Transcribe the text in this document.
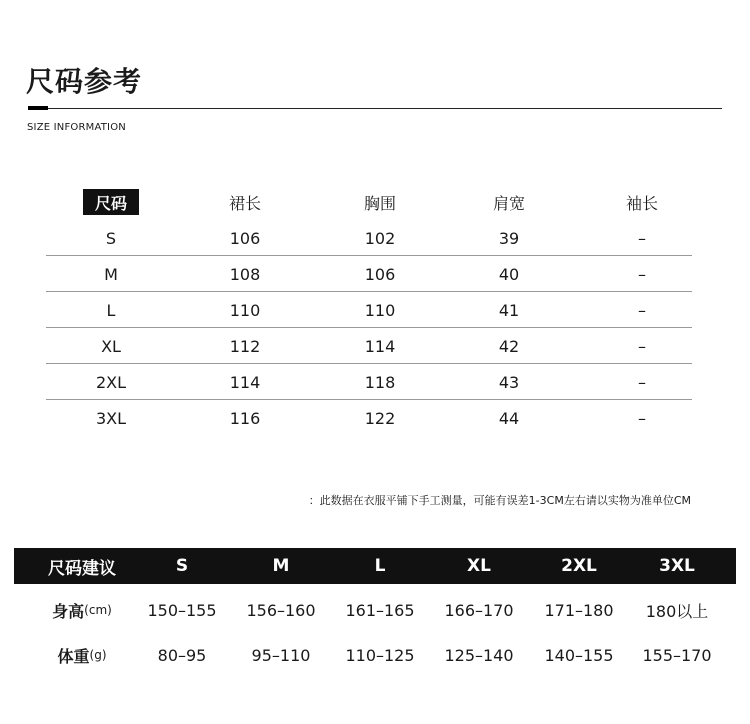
尺码参考
SIZE INFORMATION
尺码	裙长	胸围	肩宽	袖长
S	106	102	39	–
M	108	106	40	–
L	110	110	41	–
XL	112	114	42	–
2XL	114	118	43	–
3XL	116	122	44	–
：此数据在衣服平铺下手工测量，可能有误差1-3CM左右请以实物为准单位CM
尺码建议	S	M	L	XL	2XL	3XL
身高 (cm) 150–155 156–160 161–165 166–170 171–180 180以上
体重 (g)	80–95	95–110 110–125 125–140 140–155 155–170
